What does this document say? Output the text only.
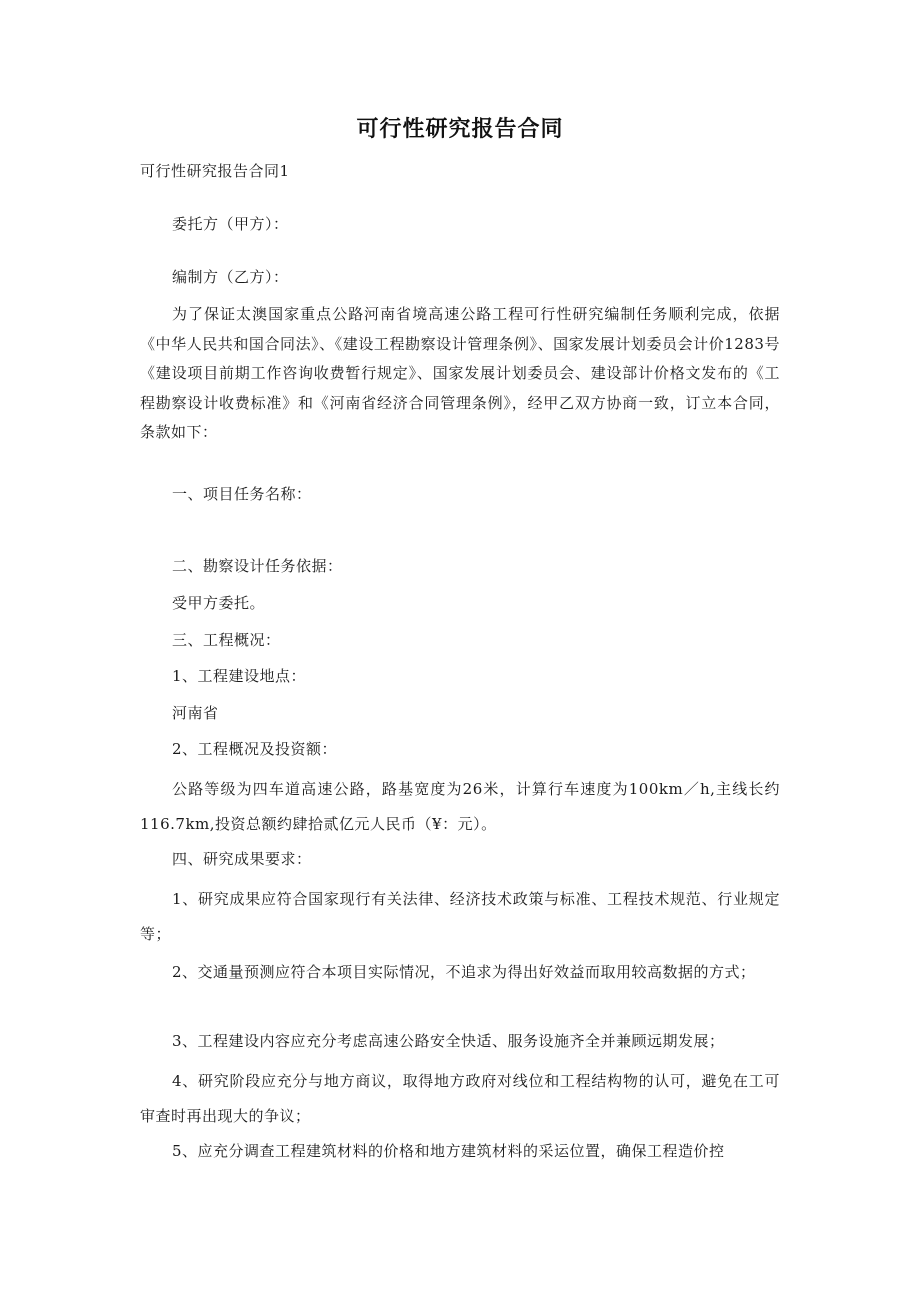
可行性研究报告合同
可行性研究报告合同1
委托方（甲方）：
编制方（乙方）：
为了保证太澳国家重点公路河南省境高速公路工程可行性研究编制任务顺利完成，依据《中华人民共和国合同法》、《建设工程勘察设计管理条例》、国家发展计划委员会计价1283号《建设项目前期工作咨询收费暂行规定》、国家发展计划委员会、建设部计价格文发布的《工程勘察设计收费标准》和《河南省经济合同管理条例》，经甲乙双方协商一致，订立本合同，条款如下：
一、项目任务名称：
二、勘察设计任务依据：
受甲方委托。
三、工程概况：
1、工程建设地点：
河南省
2、工程概况及投资额：
公路等级为四车道高速公路，路基宽度为26米，计算行车速度为100km／h,主线长约116.7km,投资总额约肆拾贰亿元人民币（¥：元）。
四、研究成果要求：
1、研究成果应符合国家现行有关法律、经济技术政策与标准、工程技术规范、行业规定等；
2、交通量预测应符合本项目实际情况，不追求为得出好效益而取用较高数据的方式；
3、工程建设内容应充分考虑高速公路安全快适、服务设施齐全并兼顾远期发展；
4、研究阶段应充分与地方商议，取得地方政府对线位和工程结构物的认可，避免在工可审查时再出现大的争议；
5、应充分调查工程建筑材料的价格和地方建筑材料的采运位置，确保工程造价控
